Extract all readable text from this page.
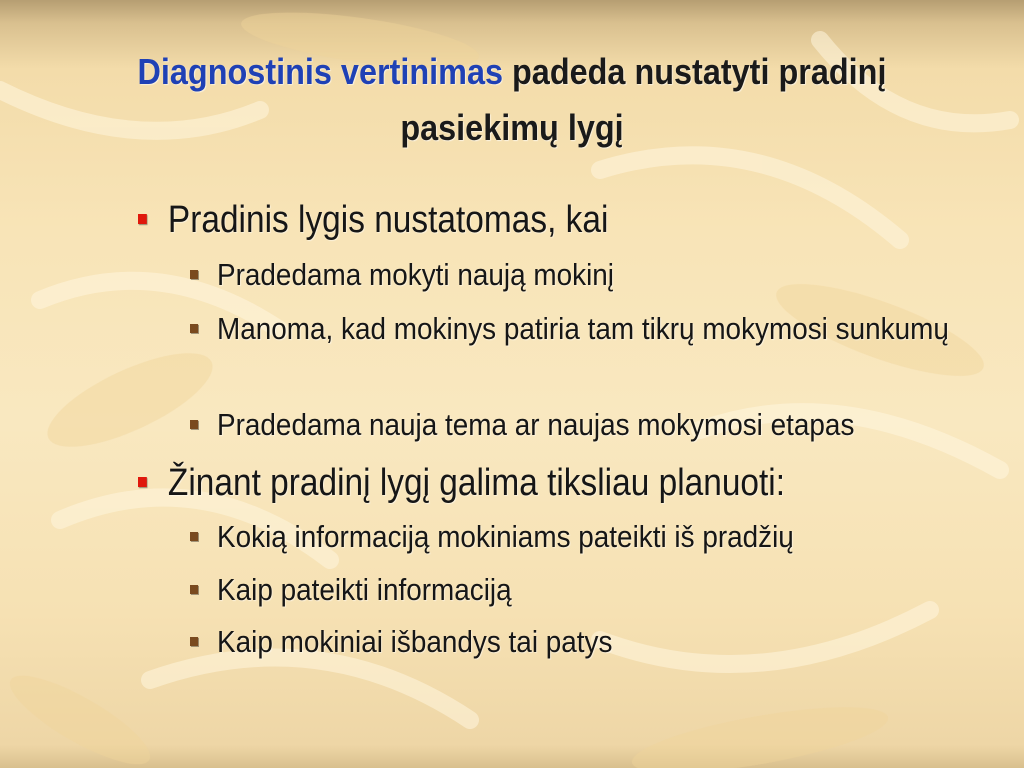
Diagnostinis vertinimas padeda nustatyti pradinį
pasiekimų lygį
Pradinis lygis nustatomas, kai
Pradedama mokyti naują mokinį
Manoma, kad mokinys patiria tam tikrų mokymosi sunkumų
Pradedama nauja tema ar naujas mokymosi etapas
Žinant pradinį lygį galima tiksliau planuoti:
Kokią informaciją mokiniams pateikti iš pradžių
Kaip pateikti informaciją
Kaip mokiniai išbandys tai patys
